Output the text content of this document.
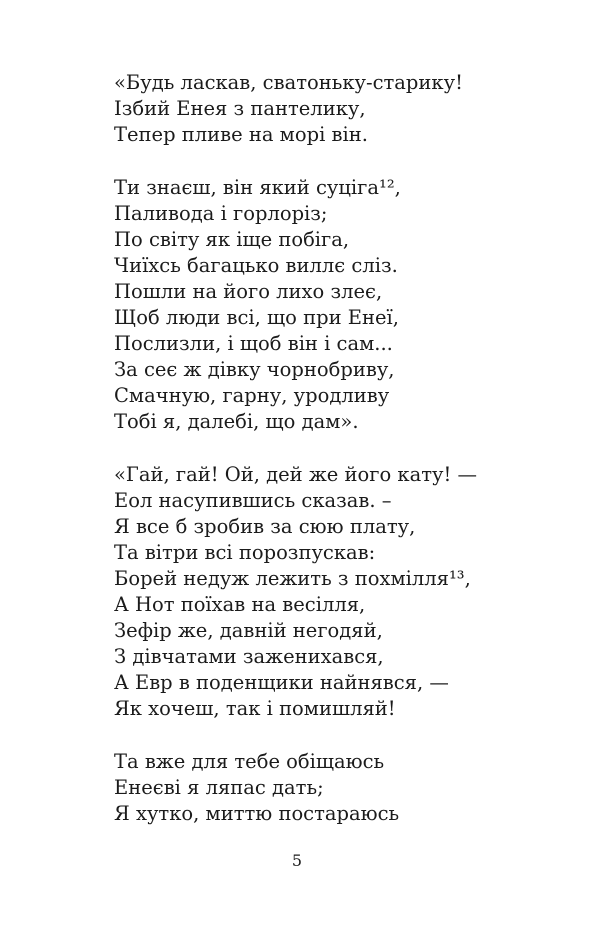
«Будь ласкав, сватоньку-старику!
Ізбий Енея з пантелику,
Тепер пливе на морі він.
Ти знаєш, він який суціга¹²,
Паливода і горлоріз;
По світу як іще побіга,
Чиїхсь багацько виллє сліз.
Пошли на його лихо злеє,
Щоб люди всі, що при Енеї,
Послизли, і щоб він і сам...
За сеє ж дівку чорнобриву,
Смачную, гарну, уродливу
Тобі я, далебі, що дам».
«Гай, гай! Ой, дей же його кату! —
Еол насупившись сказав. –
Я все б зробив за сюю плату,
Та вітри всі порозпускав:
Борей недуж лежить з похмілля¹³,
А Нот поїхав на весілля,
Зефір же, давній негодяй,
З дівчатами заженихався,
А Евр в поденщики найнявся, —
Як хочеш, так і помишляй!
Та вже для тебе обіщаюсь
Енеєві я ляпас дать;
Я хутко, миттю постараюсь
5
